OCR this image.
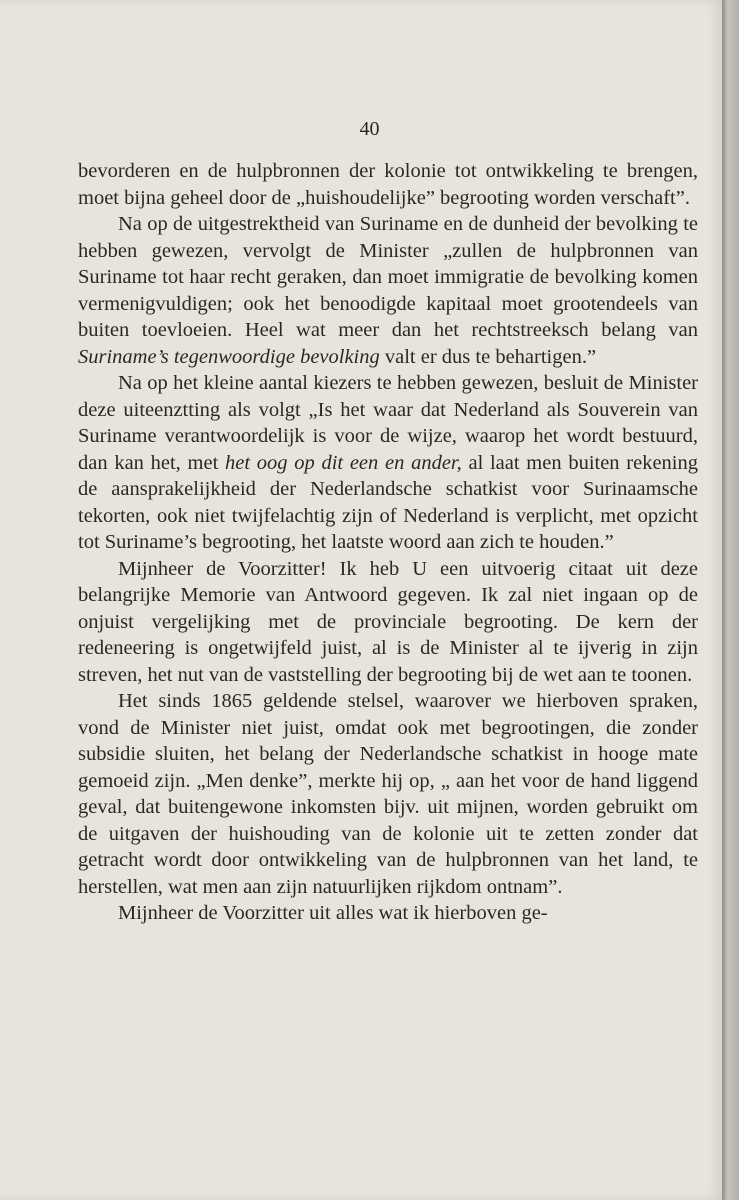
40

bevorderen en de hulpbronnen der kolonie tot ontwikkeling te brengen, moet bijna geheel door de „huishoudelijke” begrooting worden verschaft”.

Na op de uitgestrektheid van Suriname en de dunheid der bevolking te hebben gewezen, vervolgt de Minister „zullen de hulpbronnen van Suriname tot haar recht geraken, dan moet immigratie de bevolking komen vermenigvuldigen; ook het benoodigde kapitaal moet grootendeels van buiten toevloeien. Heel wat meer dan het rechtstreeksch belang van Suriname’s tegenwoordige bevolking valt er dus te behartigen.”

Na op het kleine aantal kiezers te hebben gewezen, besluit de Minister deze uiteenztting als volgt „Is het waar dat Nederland als Souverein van Suriname verantwoordelijk is voor de wijze, waarop het wordt bestuurd, dan kan het, met het oog op dit een en ander, al laat men buiten rekening de aansprakelijkheid der Nederlandsche schatkist voor Surinaamsche tekorten, ook niet twijfelachtig zijn of Nederland is verplicht, met opzicht tot Suriname’s begrooting, het laatste woord aan zich te houden.”

Mijnheer de Voorzitter! Ik heb U een uitvoerig citaat uit deze belangrijke Memorie van Antwoord gegeven. Ik zal niet ingaan op de onjuist vergelijking met de provinciale begrooting. De kern der redeneering is ongetwijfeld juist, al is de Minister al te ijverig in zijn streven, het nut van de vaststelling der begrooting bij de wet aan te toonen.

Het sinds 1865 geldende stelsel, waarover we hierboven spraken, vond de Minister niet juist, omdat ook met begrootingen, die zonder subsidie sluiten, het belang der Nederlandsche schatkist in hooge mate gemoeid zijn. „Men denke”, merkte hij op, „ aan het voor de hand liggend geval, dat buitengewone inkomsten bijv. uit mijnen, worden gebruikt om de uitgaven der huishouding van de kolonie uit te zetten zonder dat getracht wordt door ontwikkeling van de hulpbronnen van het land, te herstellen, wat men aan zijn natuurlijken rijkdom ontnam”.

Mijnheer de Voorzitter uit alles wat ik hierboven ge-
